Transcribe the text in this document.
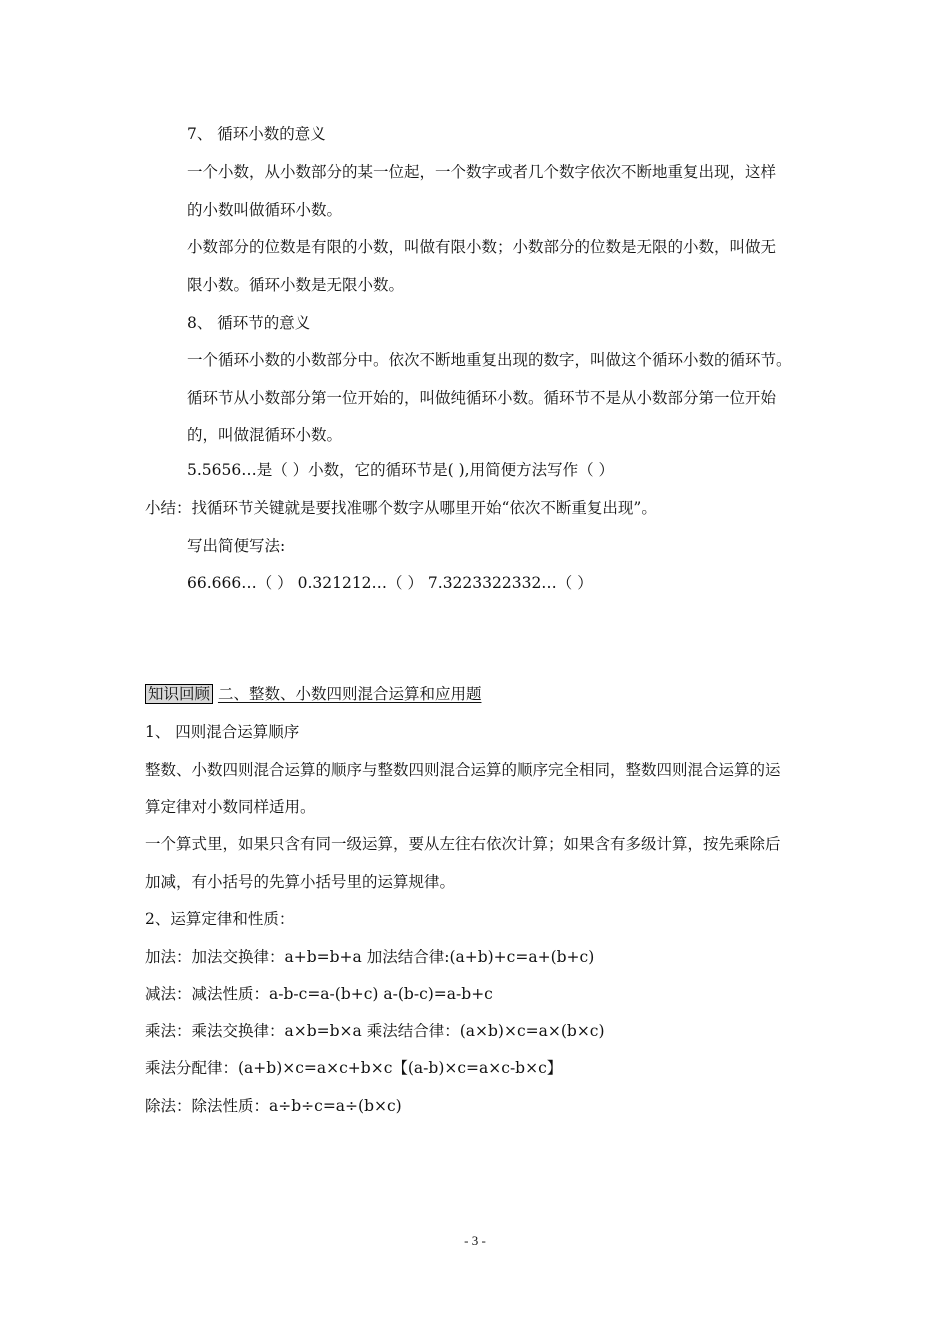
7、 循环小数的意义
一个小数，从小数部分的某一位起，一个数字或者几个数字依次不断地重复出现，这样
的小数叫做循环小数。
小数部分的位数是有限的小数，叫做有限小数；小数部分的位数是无限的小数，叫做无
限小数。循环小数是无限小数。
8、 循环节的意义
一个循环小数的小数部分中。依次不断地重复出现的数字，叫做这个循环小数的循环节。
循环节从小数部分第一位开始的，叫做纯循环小数。循环节不是从小数部分第一位开始
的，叫做混循环小数。
5.5656…是（ ）小数，它的循环节是( ),用简便方法写作（ ）
小结：找循环节关键就是要找准哪个数字从哪里开始“依次不断重复出现”。
写出简便写法:
66.666…（ ） 0.321212…（ ） 7.3223322332…（ ）
知识回顾 二、整数、小数四则混合运算和应用题
1、 四则混合运算顺序
整数、小数四则混合运算的顺序与整数四则混合运算的顺序完全相同，整数四则混合运算的运
算定律对小数同样适用。
一个算式里，如果只含有同一级运算，要从左往右依次计算；如果含有多级计算，按先乘除后
加减，有小括号的先算小括号里的运算规律。
2、运算定律和性质：
加法：加法交换律：a+b=b+a 加法结合律:(a+b)+c=a+(b+c)
减法：减法性质：a-b-c=a-(b+c) a-(b-c)=a-b+c
乘法：乘法交换律：a×b=b×a 乘法结合律：(a×b)×c=a×(b×c)
乘法分配律：(a+b)×c=a×c+b×c【(a-b)×c=a×c-b×c】
除法：除法性质：a÷b÷c=a÷(b×c)
- 3 -
